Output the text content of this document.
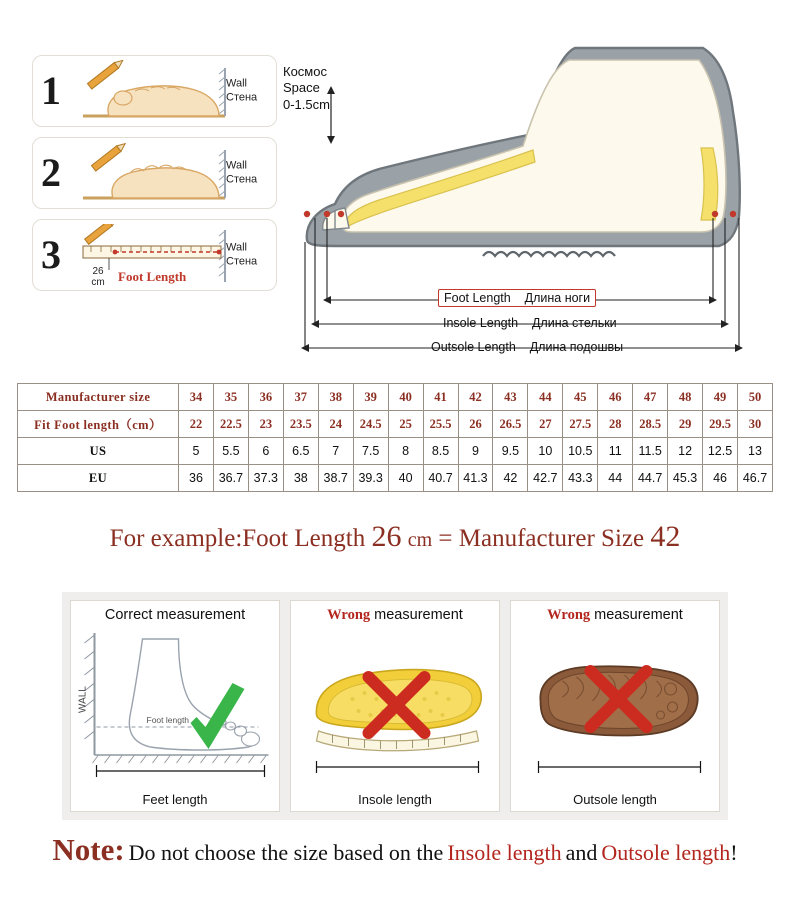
1	Wall
Стена
2	Wall
Стена
3	26
cm	Foot Length
Wall
Стена
Космос
Space
0-1.5cm
Foot Length Длина ноги
Insole Length Длина стельки
Outsole Length Длина подошвы
Manufacturer size	34	35	36	37	38	39	40	41	42	43	44	45	46	47	48	49	50
Fit Foot length（cm）	22	22.5	23	23.5	24	24.5	25	25.5	26	26.5	27	27.5	28	28.5	29	29.5	30
US	5	5.5	6	6.5	7	7.5	8	8.5	9	9.5	10	10.5	11	11.5	12	12.5	13
EU	36	36.7	37.3	38	38.7	39.3	40	40.7	41.3	42	42.7	43.3	44	44.7	45.3	46	46.7
For example:Foot Length 26 cm = Manufacturer Size 42
Correct measurement
WALL
Foot length
Feet length
Wrong measurement
Insole length
Wrong measurement
Outsole length
Note: Do not choose the size based on the Insole length and Outsole length!
